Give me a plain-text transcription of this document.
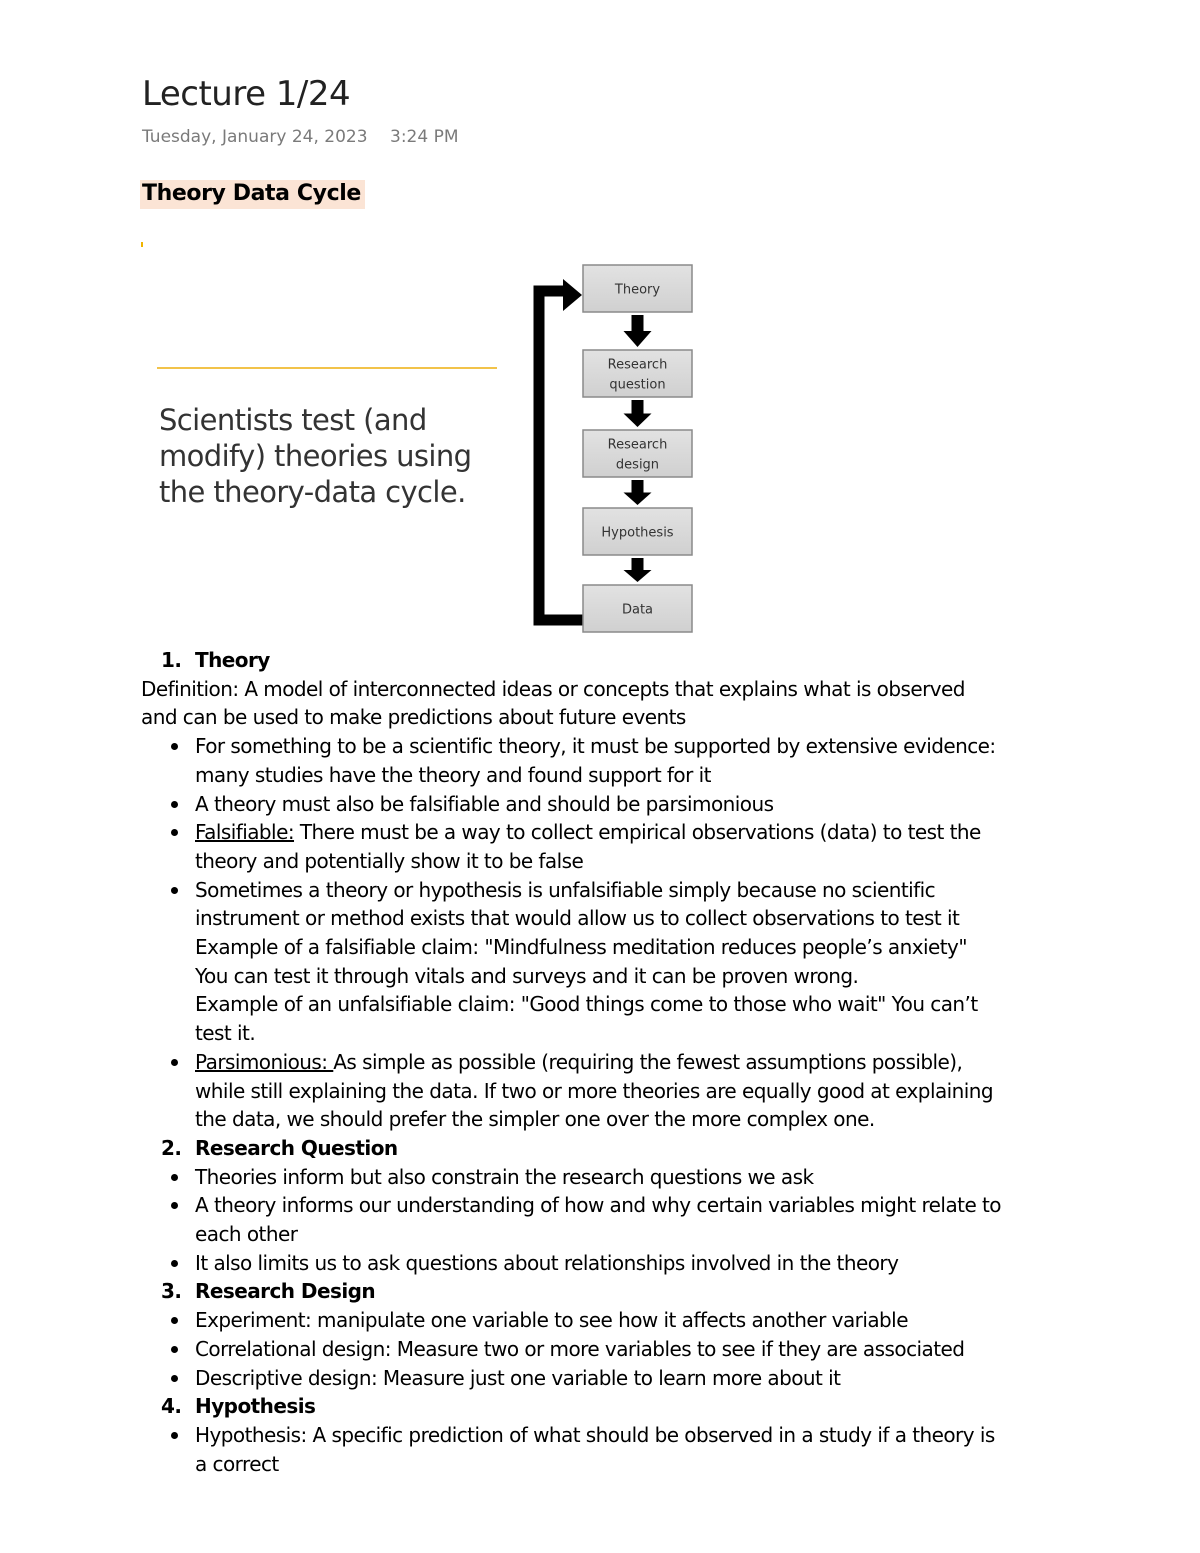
Lecture 1/24
Tuesday, January 24, 2023 3:24 PM
Theory Data Cycle
Scientists test (and modify) theories using the theory-data cycle.
Theory
Research
question
Research
design
Hypothesis
Data
1. Theory

Definition: A model of interconnected ideas or concepts that explains what is observed and can be used to make predictions about future events

For something to be a scientific theory, it must be supported by extensive evidence: many studies have the theory and found support for it
A theory must also be falsifiable and should be parsimonious
Falsifiable: There must be a way to collect empirical observations (data) to test the theory and potentially show it to be false
Sometimes a theory or hypothesis is unfalsifiable simply because no scientific instrument or method exists that would allow us to collect observations to test it
Example of a falsifiable claim: "Mindfulness meditation reduces people’s anxiety" You can test it through vitals and surveys and it can be proven wrong.
Example of an unfalsifiable claim: "Good things come to those who wait" You can’t test it.
Parsimonious: As simple as possible (requiring the fewest assumptions possible), while still explaining the data. If two or more theories are equally good at explaining the data, we should prefer the simpler one over the more complex one.
2. Research Question
Theories inform but also constrain the research questions we ask
A theory informs our understanding of how and why certain variables might relate to each other
It also limits us to ask questions about relationships involved in the theory
3. Research Design
Experiment: manipulate one variable to see how it affects another variable
Correlational design: Measure two or more variables to see if they are associated
Descriptive design: Measure just one variable to learn more about it
4. Hypothesis
Hypothesis: A specific prediction of what should be observed in a study if a theory is a correct
